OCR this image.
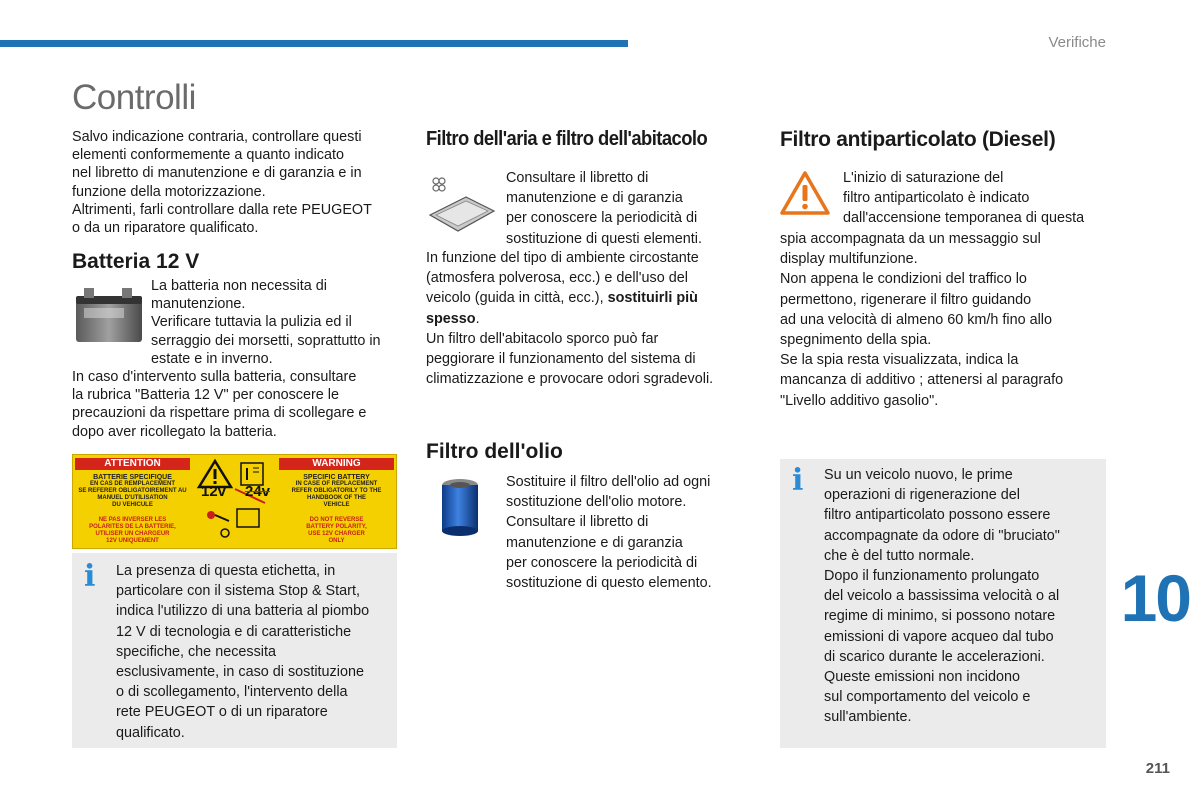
Verifiche
Controlli

Salvo indicazione contraria, controllare questi

elementi conformemente a quanto indicato

nel libretto di manutenzione e di garanzia e in

funzione della motorizzazione.

Altrimenti, farli controllare dalla rete PEUGEOT

o da un riparatore qualificato.

Batteria 12 V

La batteria non necessita di

manutenzione.

Verificare tuttavia la pulizia ed il

serraggio dei morsetti, soprattutto in

estate e in inverno.

In caso d'intervento sulla batteria, consultare

la rubrica "Batteria 12 V" per conoscere le

precauzioni da rispettare prima di scollegare e

dopo aver ricollegato la batteria.

ATTENTION	WARNING
BATTERIE SPECIFIQUE
EN CAS DE REMPLACEMENT
SE REFERER OBLIGATOIREMENT AU
MANUEL D'UTILISATION
DU VEHICULE
SPECIFIC BATTERY
IN CASE OF REPLACEMENT
REFER OBLIGATORILY TO THE
HANDBOOK OF THE
VEHICLE
NE PAS INVERSER LES
POLARITES DE LA BATTERIE,
UTILISER UN CHARGEUR
12V UNIQUEMENT
DO NOT REVERSE
BATTERY POLARITY,
USE 12V CHARGER
ONLY
12v 24v
i La presenza di questa etichetta, in
particolare con il sistema Stop & Start,
indica l'utilizzo di una batteria al piombo
12 V di tecnologia e di caratteristiche
specifiche, che necessita
esclusivamente, in caso di sostituzione
o di scollegamento, l'intervento della
rete PEUGEOT o di un riparatore
qualificato.
Filtro dell'aria e filtro dell'abitacolo

Consultare il libretto di

manutenzione e di garanzia

per conoscere la periodicità di

sostituzione di questi elementi.

In funzione del tipo di ambiente circostante

(atmosfera polverosa, ecc.) e dell'uso del

veicolo (guida in città, ecc.), sostituirli più

spesso.

Un filtro dell'abitacolo sporco può far

peggiorare il funzionamento del sistema di

climatizzazione e provocare odori sgradevoli.

Filtro dell'olio

Sostituire il filtro dell'olio ad ogni

sostituzione dell'olio motore.

Consultare il libretto di

manutenzione e di garanzia

per conoscere la periodicità di

sostituzione di questo elemento.

Filtro antiparticolato (Diesel)

L'inizio di saturazione del

filtro antiparticolato è indicato

dall'accensione temporanea di questa

spia accompagnata da un messaggio sul

display multifunzione.

Non appena le condizioni del traffico lo

permettono, rigenerare il filtro guidando

ad una velocità di almeno 60 km/h fino allo

spegnimento della spia.

Se la spia resta visualizzata, indica la

mancanza di additivo ; attenersi al paragrafo

"Livello additivo gasolio".

i Su un veicolo nuovo, le prime
operazioni di rigenerazione del
filtro antiparticolato possono essere
accompagnate da odore di "bruciato"
che è del tutto normale.
Dopo il funzionamento prolungato
del veicolo a bassissima velocità o al
regime di minimo, si possono notare
emissioni di vapore acqueo dal tubo
di scarico durante le accelerazioni.
Queste emissioni non incidono
sul comportamento del veicolo e
sull'ambiente.
10
211
